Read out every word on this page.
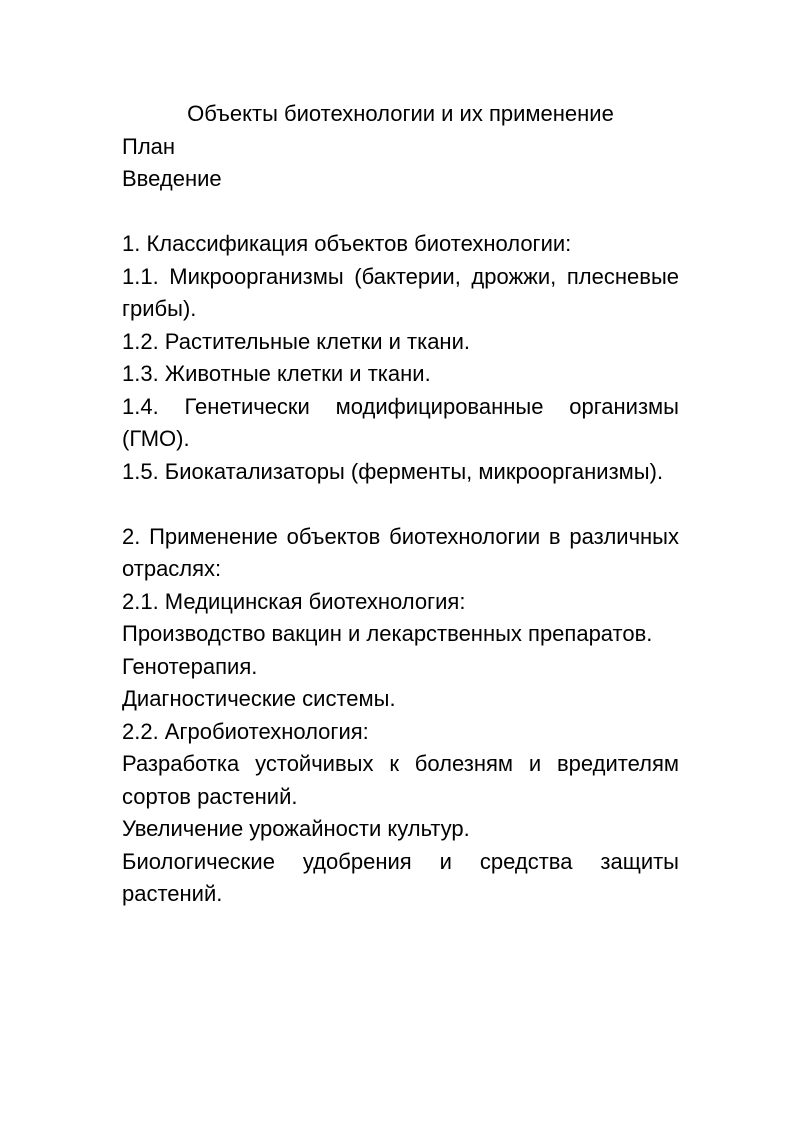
Объекты биотехнологии и их применение

План

Введение

1. Классификация объектов биотехнологии:

1.1. Микроорганизмы (бактерии, дрожжи, плесневые грибы).

1.2. Растительные клетки и ткани.

1.3. Животные клетки и ткани.

1.4. Генетически модифицированные организмы (ГМО).

1.5. Биокатализаторы (ферменты, микроорганизмы).

2. Применение объектов биотехнологии в различных отраслях:

2.1. Медицинская биотехнология:

Производство вакцин и лекарственных препаратов.

Генотерапия.

Диагностические системы.

2.2. Агробиотехнология:

Разработка устойчивых к болезням и вредителям сортов растений.

Увеличение урожайности культур.

Биологические удобрения и средства защиты растений.
